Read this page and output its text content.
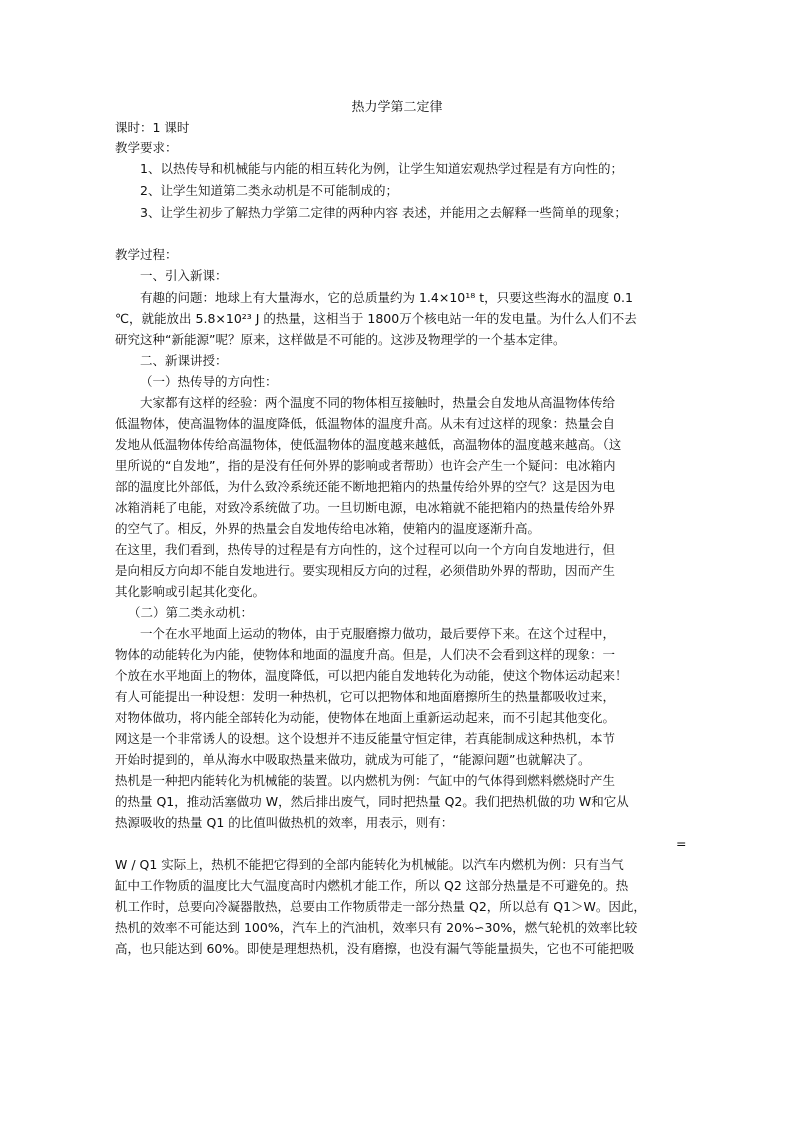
热力学第二定律
课时：1 课时
教学要求：
1、以热传导和机械能与内能的相互转化为例，让学生知道宏观热学过程是有方向性的；
2、让学生知道第二类永动机是不可能制成的；
3、让学生初步了解热力学第二定律的两种内容 表述，并能用之去解释一些简单的现象；
教学过程：
一、引入新课：
有趣的问题：地球上有大量海水，它的总质量约为 1.4×10¹⁸ t，只要这些海水的温度 0.1
℃，就能放出 5.8×10²³ J 的热量，这相当于 1800万个核电站一年的发电量。为什么人们不去
研究这种“新能源”呢？原来，这样做是不可能的。这涉及物理学的一个基本定律。
二、新课讲授：
（一）热传导的方向性：
大家都有这样的经验：两个温度不同的物体相互接触时，热量会自发地从高温物体传给
低温物体，使高温物体的温度降低，低温物体的温度升高。从未有过这样的现象：热量会自
发地从低温物体传给高温物体，使低温物体的温度越来越低，高温物体的温度越来越高。（这
里所说的“自发地”，指的是没有任何外界的影响或者帮助）也许会产生一个疑问：电冰箱内
部的温度比外部低，为什么致冷系统还能不断地把箱内的热量传给外界的空气？这是因为电
冰箱消耗了电能，对致冷系统做了功。一旦切断电源，电冰箱就不能把箱内的热量传给外界
的空气了。相反，外界的热量会自发地传给电冰箱，使箱内的温度逐渐升高。
在这里，我们看到，热传导的过程是有方向性的，这个过程可以向一个方向自发地进行，但
是向相反方向却不能自发地进行。要实现相反方向的过程，必须借助外界的帮助，因而产生
其化影响或引起其化变化。
（二）第二类永动机：
一个在水平地面上运动的物体，由于克服磨擦力做功，最后要停下来。在这个过程中，
物体的动能转化为内能，使物体和地面的温度升高。但是，人们决不会看到这样的现象：一
个放在水平地面上的物体，温度降低，可以把内能自发地转化为动能，使这个物体运动起来！
有人可能提出一种设想：发明一种热机，它可以把物体和地面磨擦所生的热量都吸收过来，
对物体做功，将内能全部转化为动能，使物体在地面上重新运动起来，而不引起其他变化。
网这是一个非常诱人的设想。这个设想并不违反能量守恒定律，若真能制成这种热机，本节
开始时提到的，单从海水中吸取热量来做功，就成为可能了，“能源问题”也就解决了。
热机是一种把内能转化为机械能的装置。以内燃机为例：气缸中的气体得到燃料燃烧时产生
的热量 Q1，推动活塞做功 W，然后排出废气，同时把热量 Q2。我们把热机做的功 W和它从
热源吸收的热量 Q1 的比值叫做热机的效率，用表示，则有：
=
W / Q1 实际上，热机不能把它得到的全部内能转化为机械能。以汽车内燃机为例：只有当气
缸中工作物质的温度比大气温度高时内燃机才能工作，所以 Q2 这部分热量是不可避免的。热
机工作时，总要向冷凝器散热，总要由工作物质带走一部分热量 Q2，所以总有 Q1＞W。因此，
热机的效率不可能达到 100%，汽车上的汽油机，效率只有 20%∽30%，燃气轮机的效率比较
高，也只能达到 60%。即使是理想热机，没有磨擦，也没有漏气等能量损失，它也不可能把吸
